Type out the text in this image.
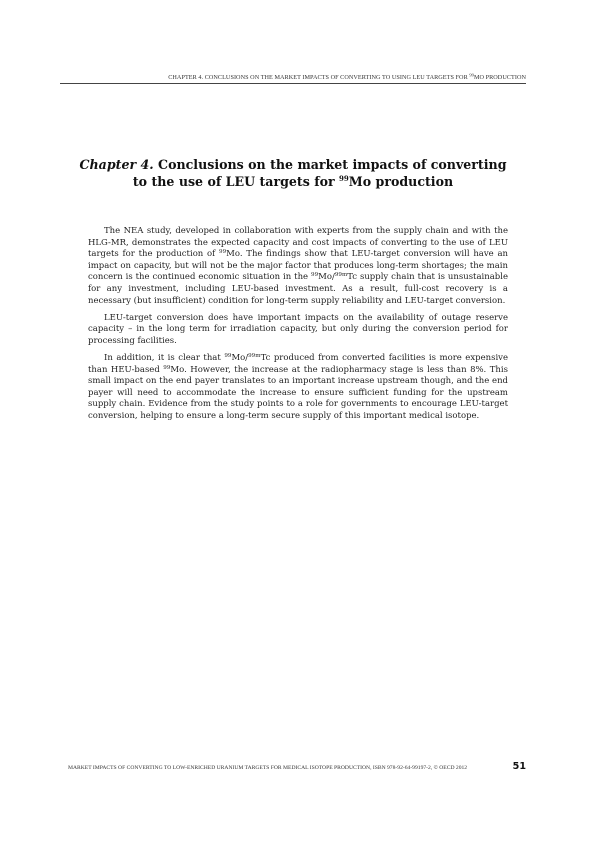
CHAPTER 4. CONCLUSIONS ON THE MARKET IMPACTS OF CONVERTING TO USING LEU TARGETS FOR $^{99}$MO PRODUCTION
Chapter 4. Conclusions on the market impacts of converting
to the use of LEU targets for $^{99}$Mo production

The NEA study, developed in collaboration with experts from the supply chain and with the HLG-MR, demonstrates the expected capacity and cost impacts of converting to the use of LEU targets for the production of $^{99}$Mo. The findings show that LEU-target conversion will have an impact on capacity, but will not be the major factor that produces long-term shortages; the main concern is the continued economic situation in the $^{99}$Mo/$^{99m}$Tc supply chain that is unsustainable for any investment, including LEU-based investment. As a result, full-cost recovery is a necessary (but insufficient) condition for long-term supply reliability and LEU-target conversion.

LEU-target conversion does have important impacts on the availability of outage reserve capacity – in the long term for irradiation capacity, but only during the conversion period for processing facilities.

In addition, it is clear that $^{99}$Mo/$^{99m}$Tc produced from converted facilities is more expensive than HEU-based $^{99}$Mo. However, the increase at the radiopharmacy stage is less than 8%. This small impact on the end payer translates to an important increase upstream though, and the end payer will need to accommodate the increase to ensure sufficient funding for the upstream supply chain. Evidence from the study points to a role for governments to encourage LEU-target conversion, helping to ensure a long-term secure supply of this important medical isotope.

MARKET IMPACTS OF CONVERTING TO LOW-ENRICHED URANIUM TARGETS FOR MEDICAL ISOTOPE PRODUCTION, ISBN 978-92-64-99197-2, © OECD 2012	51
